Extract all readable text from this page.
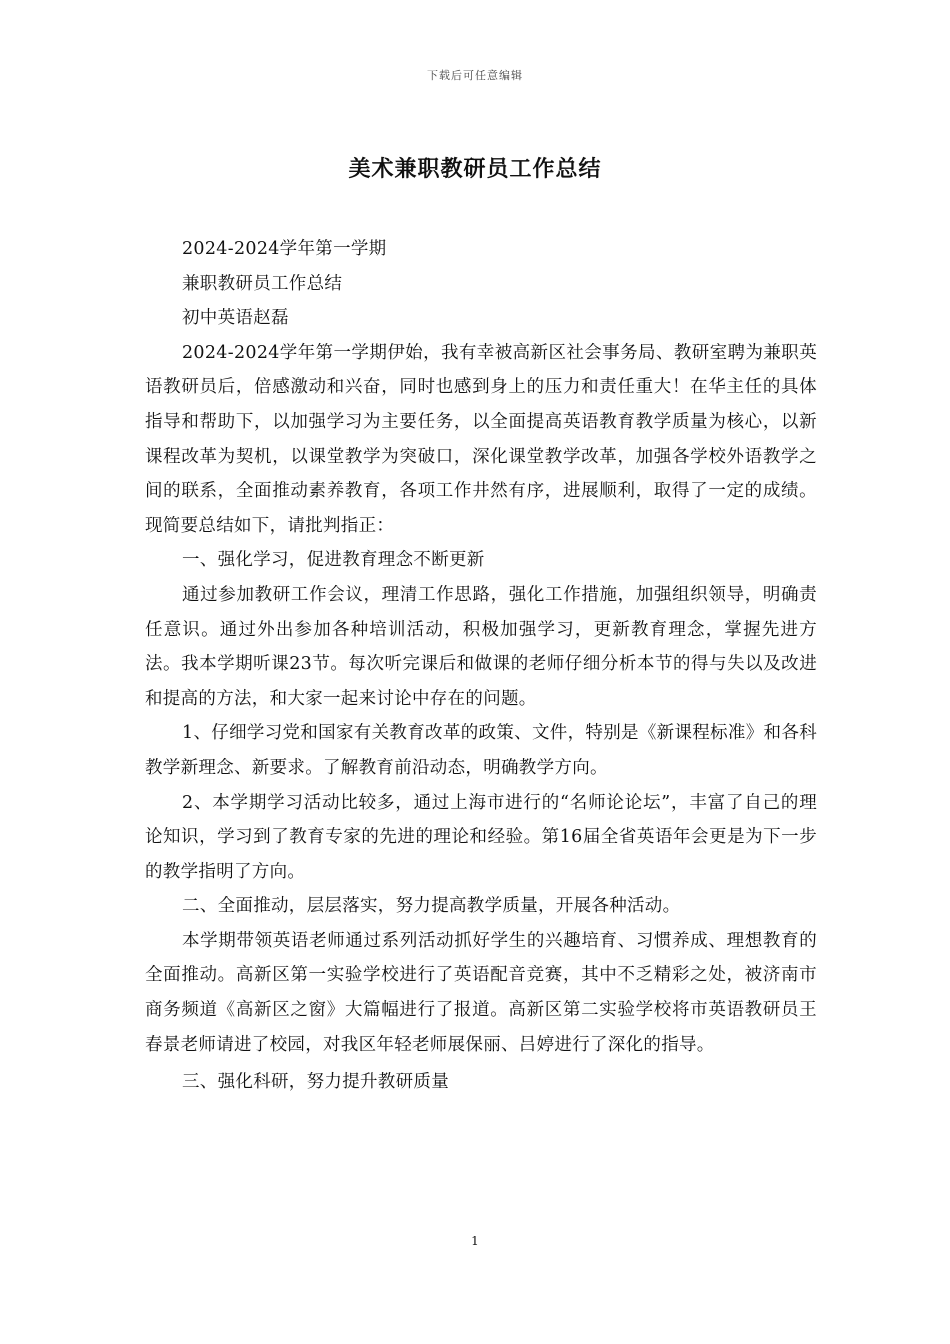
下载后可任意编辑
美术兼职教研员工作总结

2024-2024学年第一学期

兼职教研员工作总结

初中英语赵磊

2024-2024学年第一学期伊始，我有幸被高新区社会事务局、教研室聘为兼职英语教研员后，倍感激动和兴奋，同时也感到身上的压力和责任重大！在华主任的具体指导和帮助下，以加强学习为主要任务，以全面提高英语教育教学质量为核心，以新课程改革为契机，以课堂教学为突破口，深化课堂教学改革，加强各学校外语教学之间的联系，全面推动素养教育，各项工作井然有序，进展顺利，取得了一定的成绩。现简要总结如下，请批判指正：

一、强化学习，促进教育理念不断更新

通过参加教研工作会议，理清工作思路，强化工作措施，加强组织领导，明确责任意识。通过外出参加各种培训活动，积极加强学习，更新教育理念，掌握先进方法。我本学期听课23节。每次听完课后和做课的老师仔细分析本节的得与失以及改进和提高的方法，和大家一起来讨论中存在的问题。

1、仔细学习党和国家有关教育改革的政策、文件，特别是《新课程标准》和各科教学新理念、新要求。了解教育前沿动态，明确教学方向。

2、本学期学习活动比较多，通过上海市进行的“名师论论坛”，丰富了自己的理论知识，学习到了教育专家的先进的理论和经验。第16届全省英语年会更是为下一步的教学指明了方向。

二、全面推动，层层落实，努力提高教学质量，开展各种活动。

本学期带领英语老师通过系列活动抓好学生的兴趣培育、习惯养成、理想教育的全面推动。高新区第一实验学校进行了英语配音竞赛，其中不乏精彩之处，被济南市商务频道《高新区之窗》大篇幅进行了报道。高新区第二实验学校将市英语教研员王春景老师请进了校园，对我区年轻老师展保丽、吕婷进行了深化的指导。

三、强化科研，努力提升教研质量

1
